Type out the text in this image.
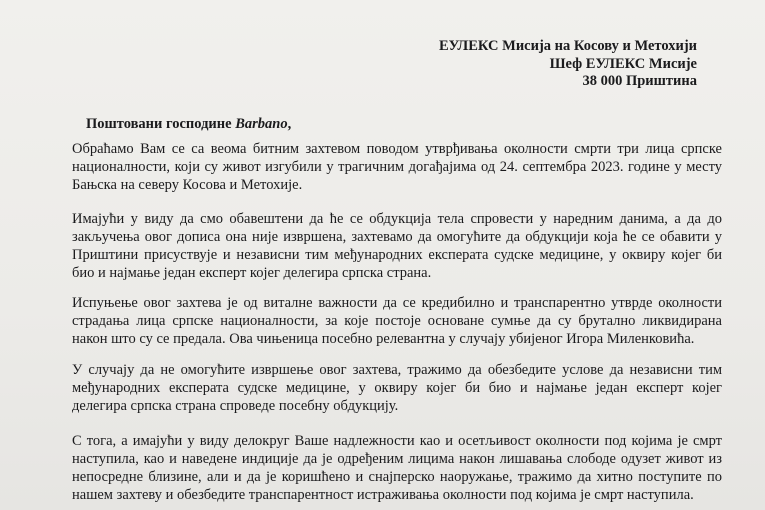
ЕУЛЕКС Мисија на Косову и Метохији
Шеф ЕУЛЕКС Мисије
38 000 Приштина
Поштовани господине Barbano,
Обраћамо Вам се са веома битним захтевом поводом утврђивања околности смрти три лица српске
националности, који су живот изгубили у трагичним догађајима од 24. септембра 2023. године у месту
Бањска на северу Косова и Метохије.
Имајући у виду да смо обавештени да ће се обдукција тела спровести у наредним данима, а да до
закључења овог дописа она није извршена, захтевамо да омогућите да обдукцији која ће се обавити у
Приштини присуствује и независни тим међународних експерата судске медицине, у оквиру којег би
био и најмање један експерт којег делегира српска страна.
Испуњење овог захтева је од виталне важности да се кредибилно и транспарентно утврде околности
страдања лица српске националности, за које постоје основане сумње да су брутално ликвидирана
након што су се предала. Ова чињеница посебно релевантна у случају убијеног Игора Миленковића.
У случају да не омогућите извршење овог захтева, тражимо да обезбедите услове да независни тим
међународних експерата судске медицине, у оквиру којег би био и најмање један експерт којег
делегира српска страна спроведе посебну обдукцију.
С тога, а имајући у виду делокруг Ваше надлежности као и осетљивост околности под којима је смрт
наступила, као и наведене индиције да је одређеним лицима након лишавања слободе одузет живот из
непосредне близине, али и да је коришћено и снајперско наоружање, тражимо да хитно поступите по
нашем захтеву и обезбедите транспарентност истраживања околности под којима је смрт наступила.
